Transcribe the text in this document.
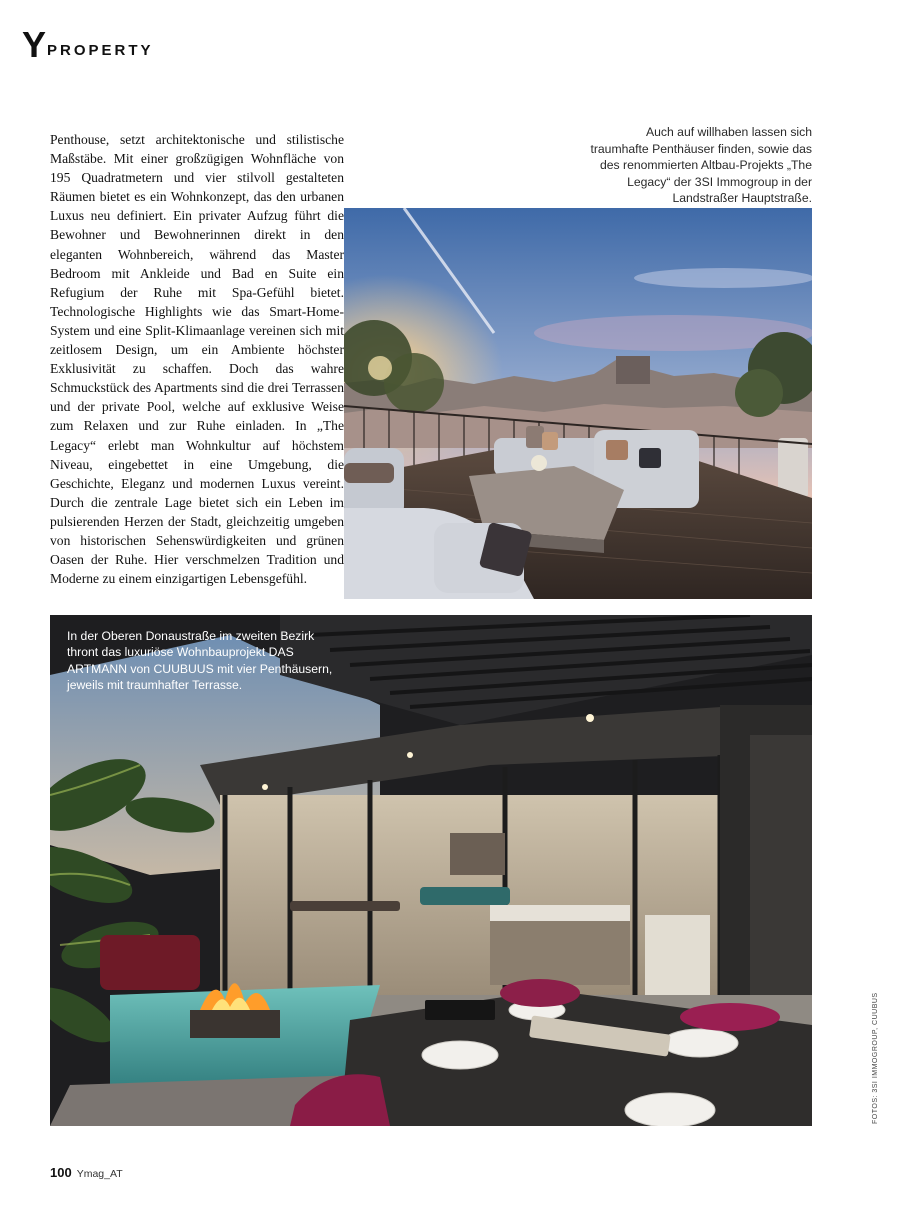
Y PROPERTY
Auch auf willhaben lassen sich traumhafte Penthäuser finden, sowie das des renommierten Altbau-Projekts „The Legacy“ der 3SI Immogroup in der Landstraßer Hauptstraße.
Penthouse, setzt architektonische und stilistische Maßstäbe. Mit einer großzügigen Wohnfläche von 195 Quadratmetern und vier stilvoll gestalteten Räumen bietet es ein Wohnkonzept, das den urbanen Luxus neu definiert. Ein privater Aufzug führt die Bewohner und Bewohnerinnen direkt in den eleganten Wohnbereich, während das Master Bedroom mit Ankleide und Bad en Suite ein Refugium der Ruhe mit Spa-Gefühl bietet. Technologische Highlights wie das Smart-Home-System und eine Split-Klimaanlage vereinen sich mit zeitlosem Design, um ein Ambiente höchster Exklusivität zu schaffen. Doch das wahre Schmuckstück des Apartments sind die drei Terrassen und der private Pool, welche auf exklusive Weise zum Relaxen und zur Ruhe einladen. In „The Legacy“ erlebt man Wohnkultur auf höchstem Niveau, eingebettet in eine Umgebung, die Geschichte, Eleganz und modernen Luxus vereint. Durch die zentrale Lage bietet sich ein Leben im pulsierenden Herzen der Stadt, gleichzeitig umgeben von historischen Sehenswürdigkeiten und grünen Oasen der Ruhe. Hier verschmelzen Tradition und Moderne zu einem einzigartigen Lebensgefühl.
In der Oberen Donaustraße im zweiten Bezirk thront das luxuriöse Wohnbauprojekt DAS ARTMANN von CUUBUUS mit vier Penthäusern, jeweils mit traumhafter Terrasse.
FOTOS: 3SI IMMOGROUP, CUUBUS
100 Ymag_AT
